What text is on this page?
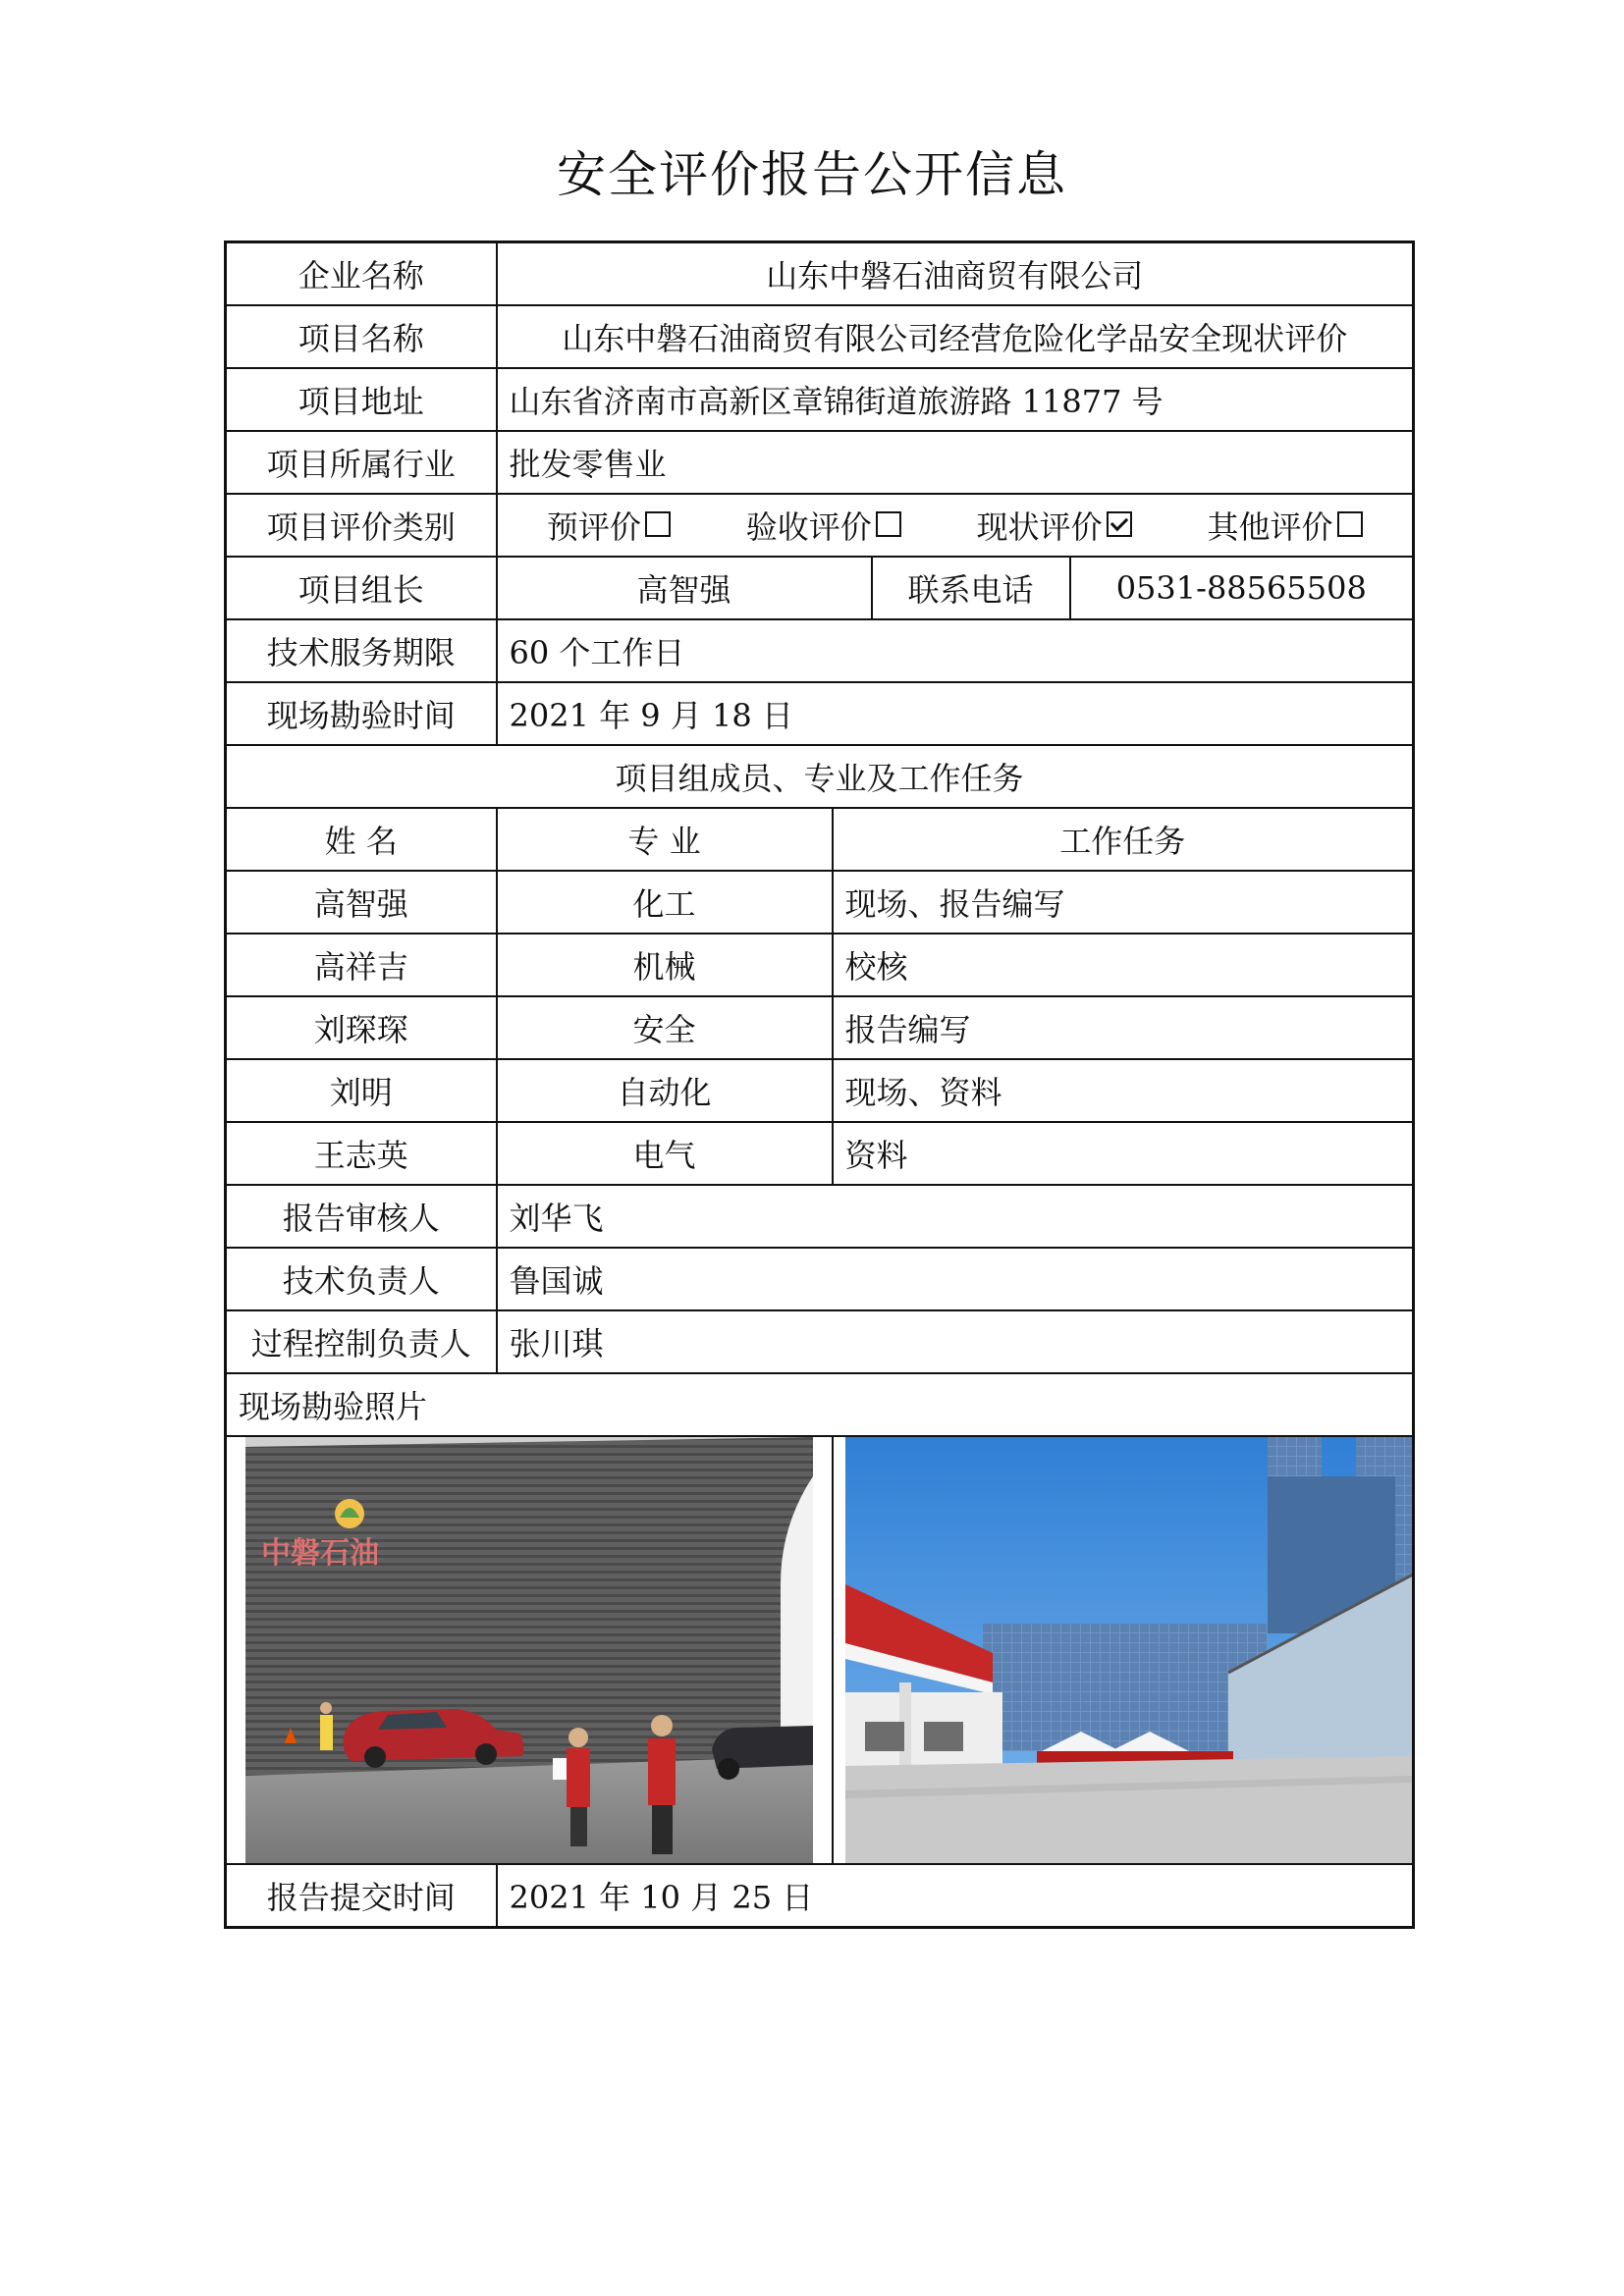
安全评价报告公开信息
企业名称	山东中磐石油商贸有限公司			
项目名称	山东中磐石油商贸有限公司经营危险化学品安全现状评价			
项目地址	山东省济南市高新区章锦街道旅游路 11877 号			
项目所属行业	批发零售业			
项目评价类别	预评价 验收评价 现状评价 其他评价			

项目组长	高智强		联系电话	0531-88565508
技术服务期限	60 个工作日			
现场勘验时间	2021 年 9 月 18 日			
项目组成员、专业及工作任务				
姓 名	专 业	工作任务		
高智强	化工	现场、报告编写		
高祥吉	机械	校核		
刘琛琛	安全	报告编写		
刘明	自动化	现场、资料		
王志英	电气	资料		
报告审核人	刘华飞			
技术负责人	鲁国诚			
过程控制负责人	张川琪			
现场勘验照片				

中磐石油

报告提交时间	2021 年 10 月 25 日			
